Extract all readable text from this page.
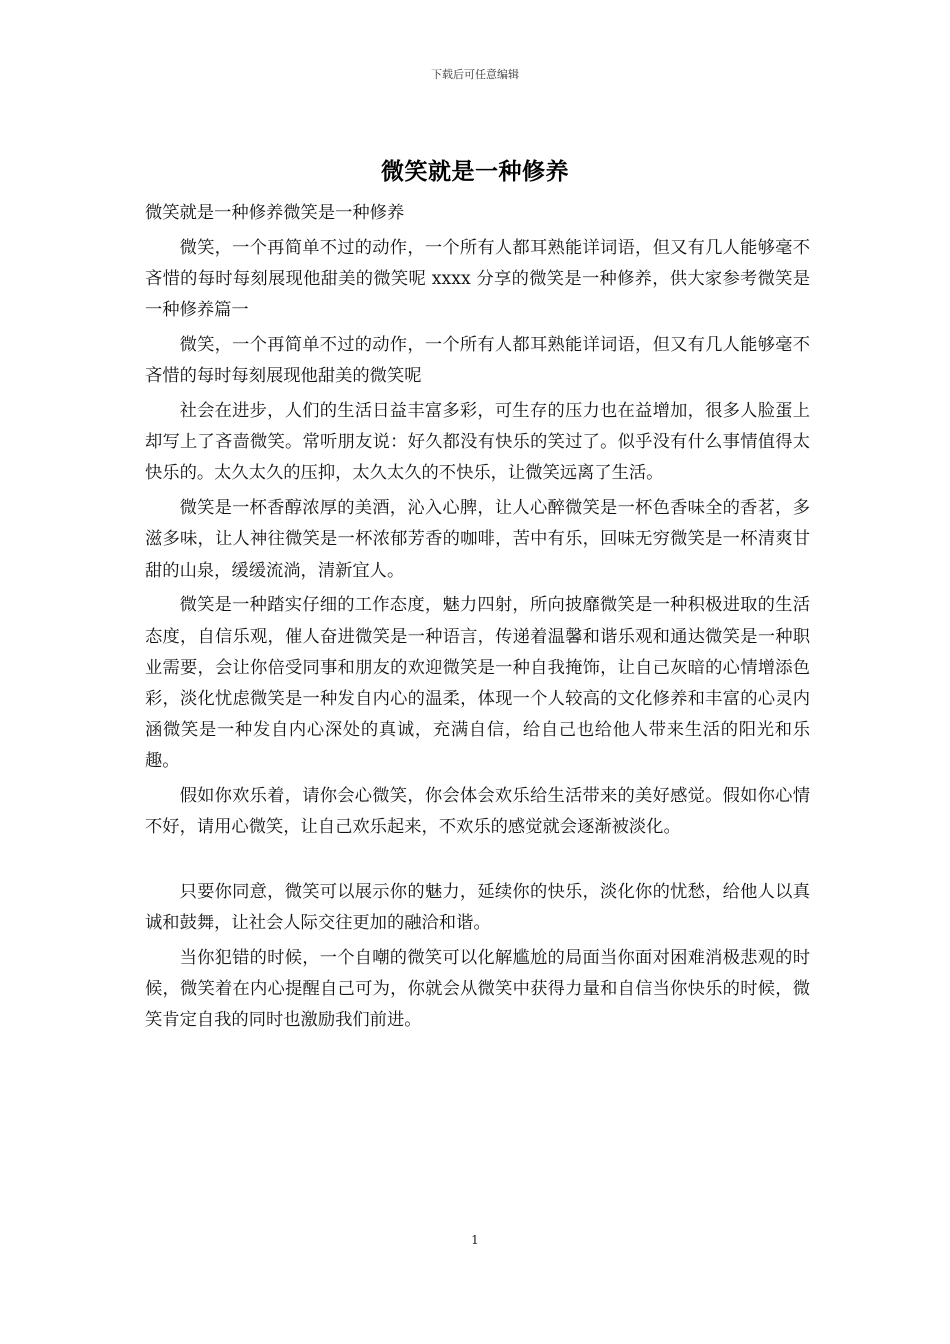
下载后可任意编辑
微笑就是一种修养

微笑就是一种修养微笑是一种修养

微笑，一个再简单不过的动作，一个所有人都耳熟能详词语，但又有几人能够毫不吝惜的每时每刻展现他甜美的微笑呢 xxxx 分享的微笑是一种修养，供大家参考微笑是一种修养篇一

微笑，一个再简单不过的动作，一个所有人都耳熟能详词语，但又有几人能够毫不吝惜的每时每刻展现他甜美的微笑呢

社会在进步，人们的生活日益丰富多彩，可生存的压力也在益增加，很多人脸蛋上却写上了吝啬微笑。常听朋友说：好久都没有快乐的笑过了。似乎没有什么事情值得太快乐的。太久太久的压抑，太久太久的不快乐，让微笑远离了生活。

微笑是一杯香醇浓厚的美酒，沁入心脾，让人心醉微笑是一杯色香味全的香茗，多滋多味，让人神往微笑是一杯浓郁芳香的咖啡，苦中有乐，回味无穷微笑是一杯清爽甘甜的山泉，缓缓流淌，清新宜人。

微笑是一种踏实仔细的工作态度，魅力四射，所向披靡微笑是一种积极进取的生活态度，自信乐观，催人奋进微笑是一种语言，传递着温馨和谐乐观和通达微笑是一种职业需要，会让你倍受同事和朋友的欢迎微笑是一种自我掩饰，让自己灰暗的心情增添色彩，淡化忧虑微笑是一种发自内心的温柔，体现一个人较高的文化修养和丰富的心灵内涵微笑是一种发自内心深处的真诚，充满自信，给自己也给他人带来生活的阳光和乐趣。

假如你欢乐着，请你会心微笑，你会体会欢乐给生活带来的美好感觉。假如你心情不好，请用心微笑，让自己欢乐起来，不欢乐的感觉就会逐渐被淡化。

只要你同意，微笑可以展示你的魅力，延续你的快乐，淡化你的忧愁，给他人以真诚和鼓舞，让社会人际交往更加的融洽和谐。

当你犯错的时候，一个自嘲的微笑可以化解尴尬的局面当你面对困难消极悲观的时候，微笑着在内心提醒自己可为，你就会从微笑中获得力量和自信当你快乐的时候，微笑肯定自我的同时也激励我们前进。

1
